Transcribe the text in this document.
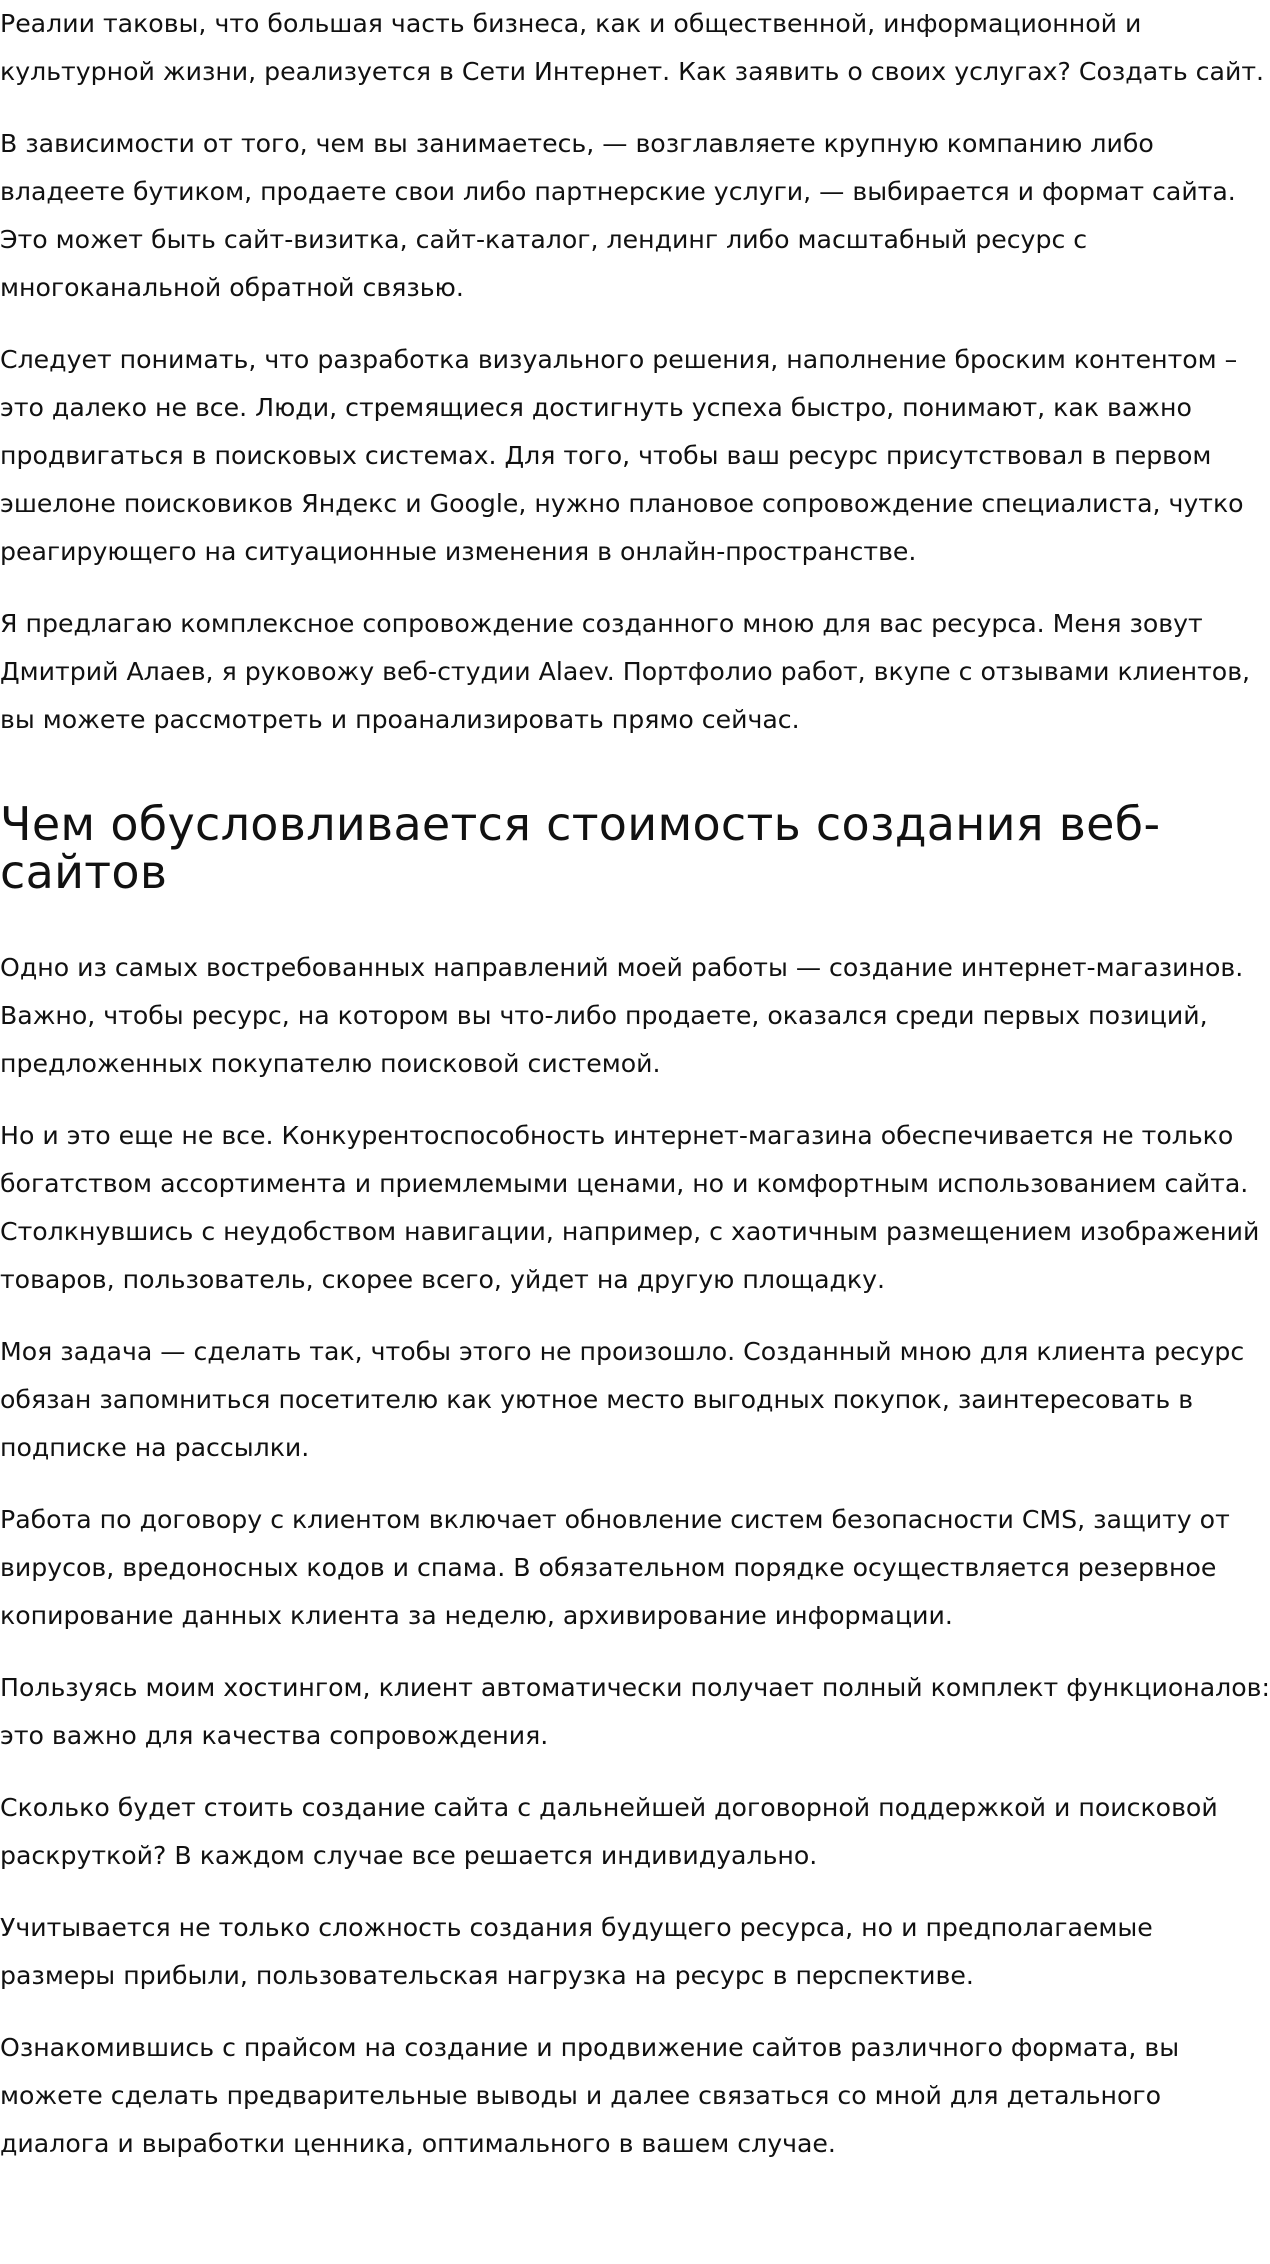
Реалии таковы, что большая часть бизнеса, как и общественной, информационной и культурной жизни, реализуется в Сети Интернет. Как заявить о своих услугах? Создать сайт.

В зависимости от того, чем вы занимаетесь, — возглавляете крупную компанию либо владеете бутиком, продаете свои либо партнерские услуги, — выбирается и формат сайта. Это может быть сайт-визитка, сайт-каталог, лендинг либо масштабный ресурс с многоканальной обратной связью.

Следует понимать, что разработка визуального решения, наполнение броским контентом – это далеко не все. Люди, стремящиеся достигнуть успеха быстро, понимают, как важно продвигаться в поисковых системах. Для того, чтобы ваш ресурс присутствовал в первом эшелоне поисковиков Яндекс и Google, нужно плановое сопровождение специалиста, чутко реагирующего на ситуационные изменения в онлайн-пространстве.

Я предлагаю комплексное сопровождение созданного мною для вас ресурса. Меня зовут Дмитрий Алаев, я руковожу веб-студии Alaev. Портфолио работ, вкупе с отзывами клиентов, вы можете рассмотреть и проанализировать прямо сейчас.

Чем обусловливается стоимость создания веб-сайтов

Одно из самых востребованных направлений моей работы — создание интернет-магазинов. Важно, чтобы ресурс, на котором вы что-либо продаете, оказался среди первых позиций, предложенных покупателю поисковой системой.

Но и это еще не все. Конкурентоспособность интернет-магазина обеспечивается не только богатством ассортимента и приемлемыми ценами, но и комфортным использованием сайта. Столкнувшись с неудобством навигации, например, с хаотичным размещением изображений товаров, пользователь, скорее всего, уйдет на другую площадку.

Моя задача — сделать так, чтобы этого не произошло. Созданный мною для клиента ресурс обязан запомниться посетителю как уютное место выгодных покупок, заинтересовать в подписке на рассылки.

Работа по договору с клиентом включает обновление систем безопасности CMS, защиту от вирусов, вредоносных кодов и спама. В обязательном порядке осуществляется резервное копирование данных клиента за неделю, архивирование информации.

Пользуясь моим хостингом, клиент автоматически получает полный комплект функционалов: это важно для качества сопровождения.

Сколько будет стоить создание сайта с дальнейшей договорной поддержкой и поисковой раскруткой? В каждом случае все решается индивидуально.

Учитывается не только сложность создания будущего ресурса, но и предполагаемые размеры прибыли, пользовательская нагрузка на ресурс в перспективе.

Ознакомившись с прайсом на создание и продвижение сайтов различного формата, вы можете сделать предварительные выводы и далее связаться со мной для детального диалога и выработки ценника, оптимального в вашем случае.
